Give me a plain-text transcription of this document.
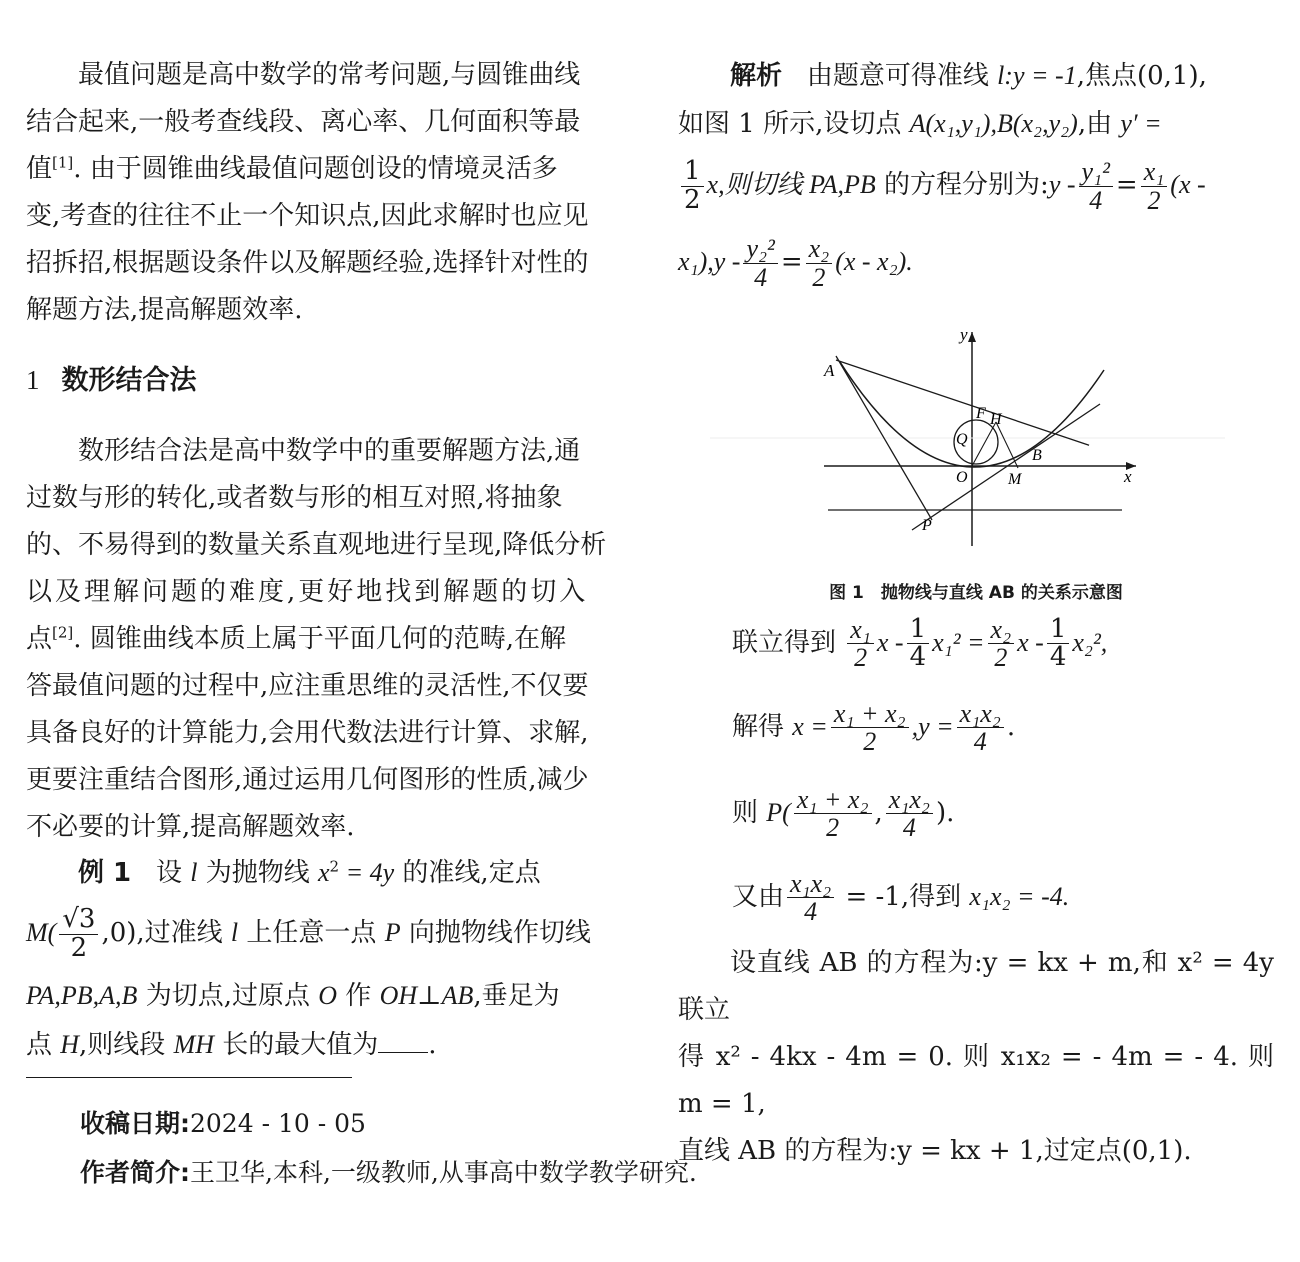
最值问题是高中数学的常考问题,与圆锥曲线

结合起来,一般考查线段、离心率、几何面积等最

值[1]. 由于圆锥曲线最值问题创设的情境灵活多

变,考查的往往不止一个知识点,因此求解时也应见

招拆招,根据题设条件以及解题经验,选择针对性的

解题方法,提高解题效率.

1 数形结合法

数形结合法是高中数学中的重要解题方法,通

过数与形的转化,或者数与形的相互对照,将抽象

的、不易得到的数量关系直观地进行呈现,降低分析

以及理解问题的难度,更好地找到解题的切入

点[2]. 圆锥曲线本质上属于平面几何的范畴,在解

答最值问题的过程中,应注重思维的灵活性,不仅要

具备良好的计算能力,会用代数法进行计算、求解,

更要注重结合图形,通过运用几何图形的性质,减少

不必要的计算,提高解题效率.

例 1 设 l 为抛物线 $x^2 = 4y$ 的准线,定点

$M( \frac{√3}{2} ,0)$,过准线 l 上任意一点 P 向抛物线作切线

PA,PB,A,B 为切点,过原点 O 作 OH⊥AB,垂足为

点 H,则线段 MH 长的最大值为 .

收稿日期:2024 - 10 - 05

作者简介:王卫华,本科,一级教师,从事高中数学教学研究.

解析 由题意可得准线 l:y = -1,焦点(0,1),

如图 1 所示,设切点 A(x₁,y₁),B(x₂,y₂),由 y′ =

$\frac{1}{2} x$,则切线 PA,PB 的方程分别为:y - $\frac{\text{y₁²}}{4} = \frac{\text{x₁}}{2} (x$ -

$x_1),y - \frac{\text{y₂²}}{4} = \frac{\text{x₂}}{2} (x - x_2)$.

y
x
A
F H
Q
B
O	M
P

图 1　抛物线与直线 AB 的关系示意图

联立得到 $\frac{\text{x₁}}{2}$ $x - \frac{1}{4} x_1^2 = \frac{\text{x₂}}{2}$ x - $\frac{1}{4} x_2^2$,

解得 $x = \frac{\text{x₁ + x₂}}{2} ,y = \frac{\text{x₁x₂}}{4}$ .

则 $P( \frac{\text{x₁ + x₂}}{2}$ , $\frac{\text{x₁x₂}}{4}$ ).

又由 $\frac{\text{x₁x₂}}{4} = -1$,得到 x₁x₂ = -4.

设直线 AB 的方程为:y = kx + m,和 x² = 4y 联立

得 x² - 4kx - 4m = 0. 则 x₁x₂ = - 4m = - 4. 则 m = 1,

直线 AB 的方程为:y = kx + 1,过定点(0,1).
